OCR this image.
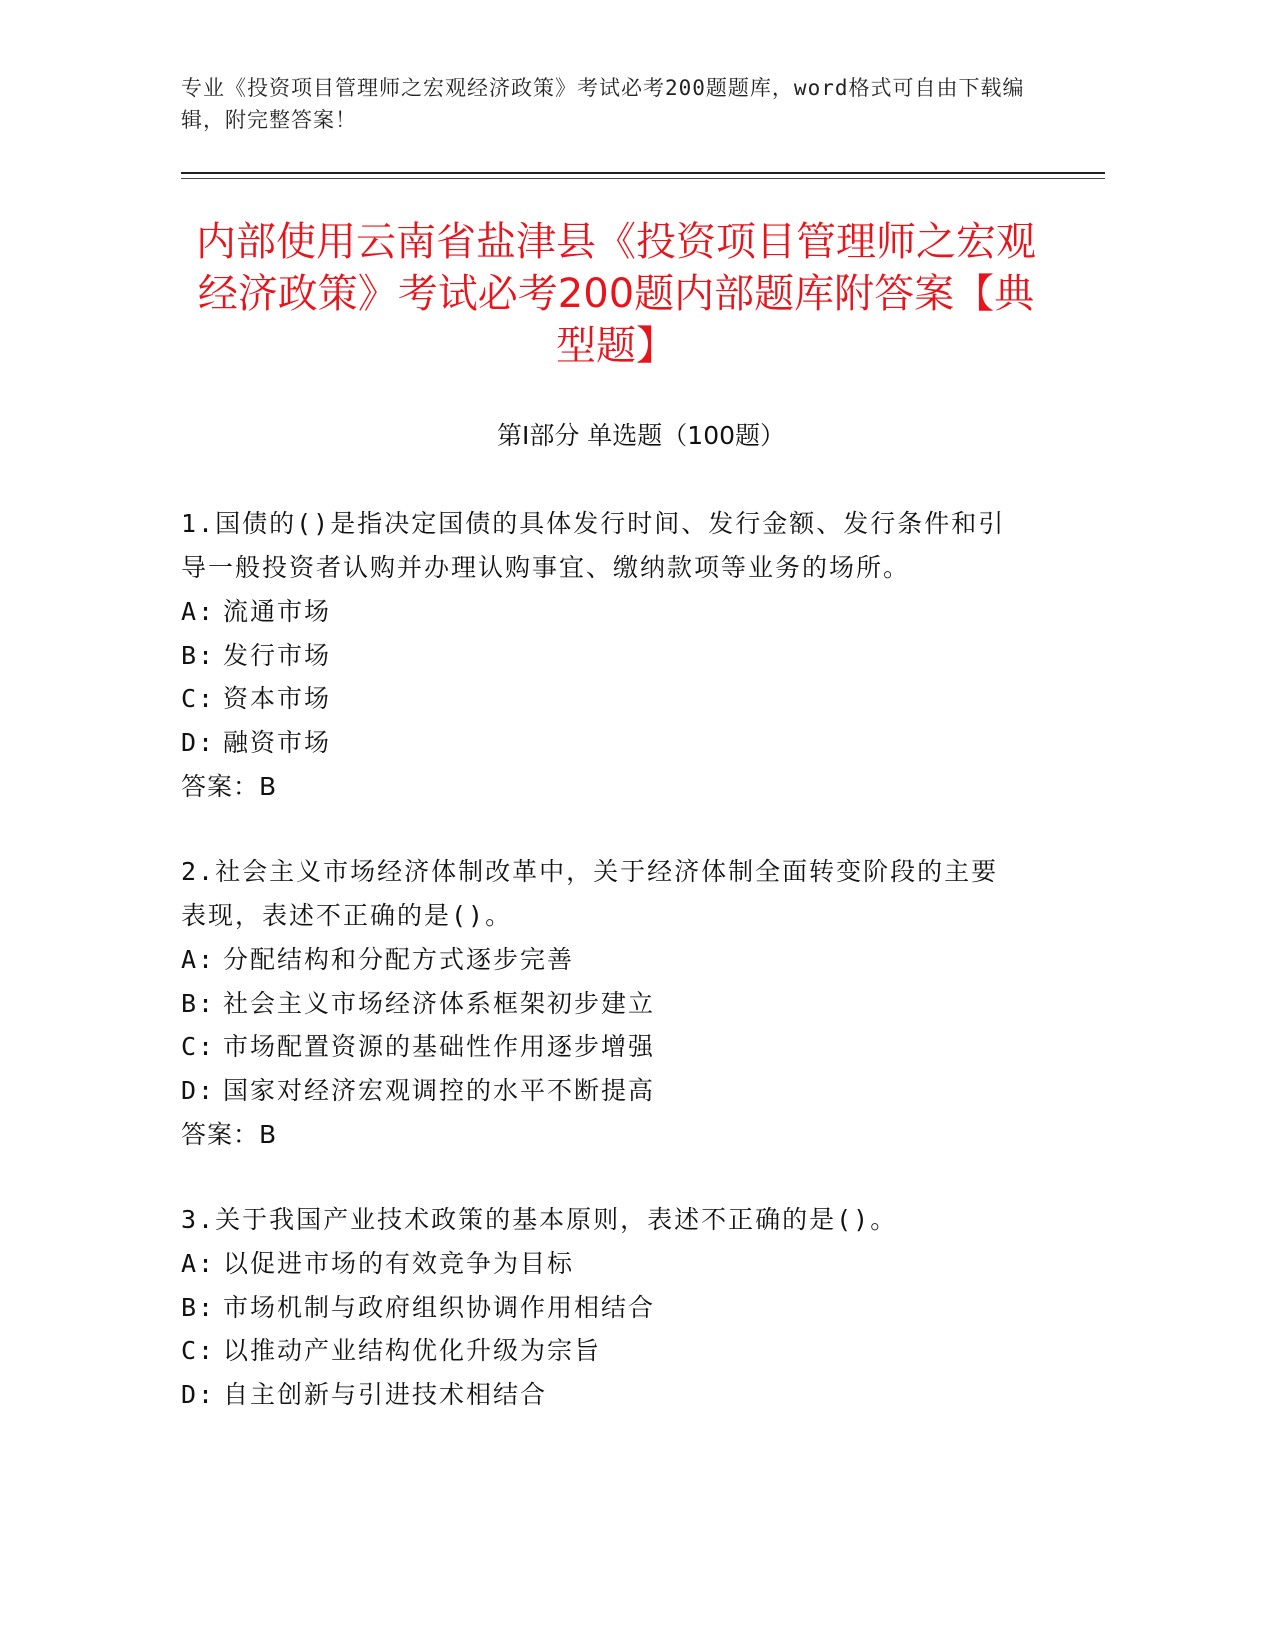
专业《投资项目管理师之宏观经济政策》考试必考200题题库，word格式可自由下载编辑，附完整答案！
内部使用云南省盐津县《投资项目管理师之宏观经济政策》考试必考200题内部题库附答案【典型题】
第Ⅰ部分 单选题（100题）

1.国债的()是指决定国债的具体发行时间、发行金额、发行条件和引导一般投资者认购并办理认购事宜、缴纳款项等业务的场所。

A: 流通市场

B: 发行市场

C: 资本市场

D: 融资市场

答案：B

2.社会主义市场经济体制改革中，关于经济体制全面转变阶段的主要表现，表述不正确的是()。

A: 分配结构和分配方式逐步完善

B: 社会主义市场经济体系框架初步建立

C: 市场配置资源的基础性作用逐步增强

D: 国家对经济宏观调控的水平不断提高

答案：B

3.关于我国产业技术政策的基本原则，表述不正确的是()。

A: 以促进市场的有效竞争为目标

B: 市场机制与政府组织协调作用相结合

C: 以推动产业结构优化升级为宗旨

D: 自主创新与引进技术相结合
